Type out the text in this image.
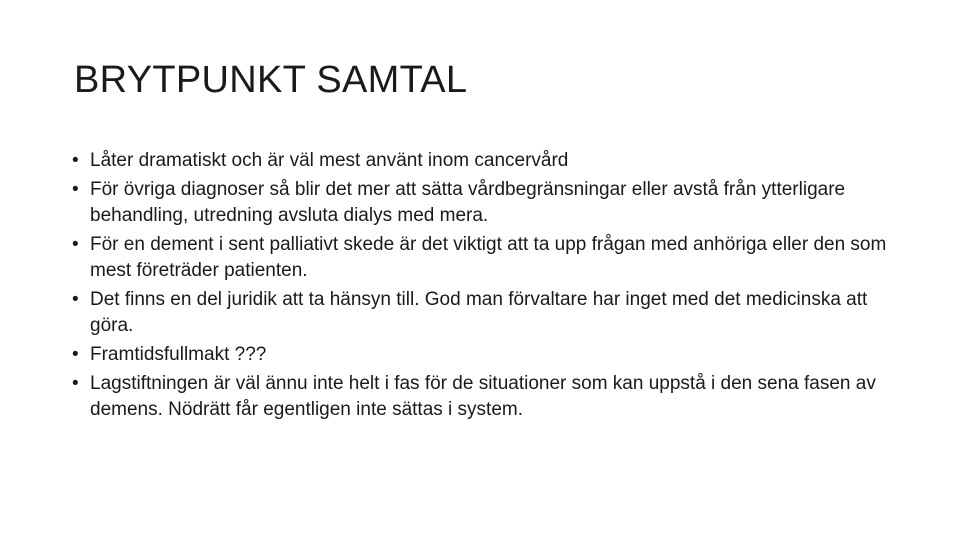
BRYTPUNKT SAMTAL
• Låter dramatiskt och är väl mest använt inom cancervård
• För övriga diagnoser så blir det mer att sätta vårdbegränsningar eller avstå från ytterligare behandling, utredning avsluta dialys med mera.
• För en dement i sent palliativt skede är det viktigt att ta upp frågan med anhöriga eller den som mest företräder patienten.
• Det finns en del juridik att ta hänsyn till. God man förvaltare har inget med det medicinska att göra.
• Framtidsfullmakt ???
• Lagstiftningen är väl ännu inte helt i fas för de situationer som kan uppstå i den sena fasen av demens. Nödrätt får egentligen inte sättas i system.
